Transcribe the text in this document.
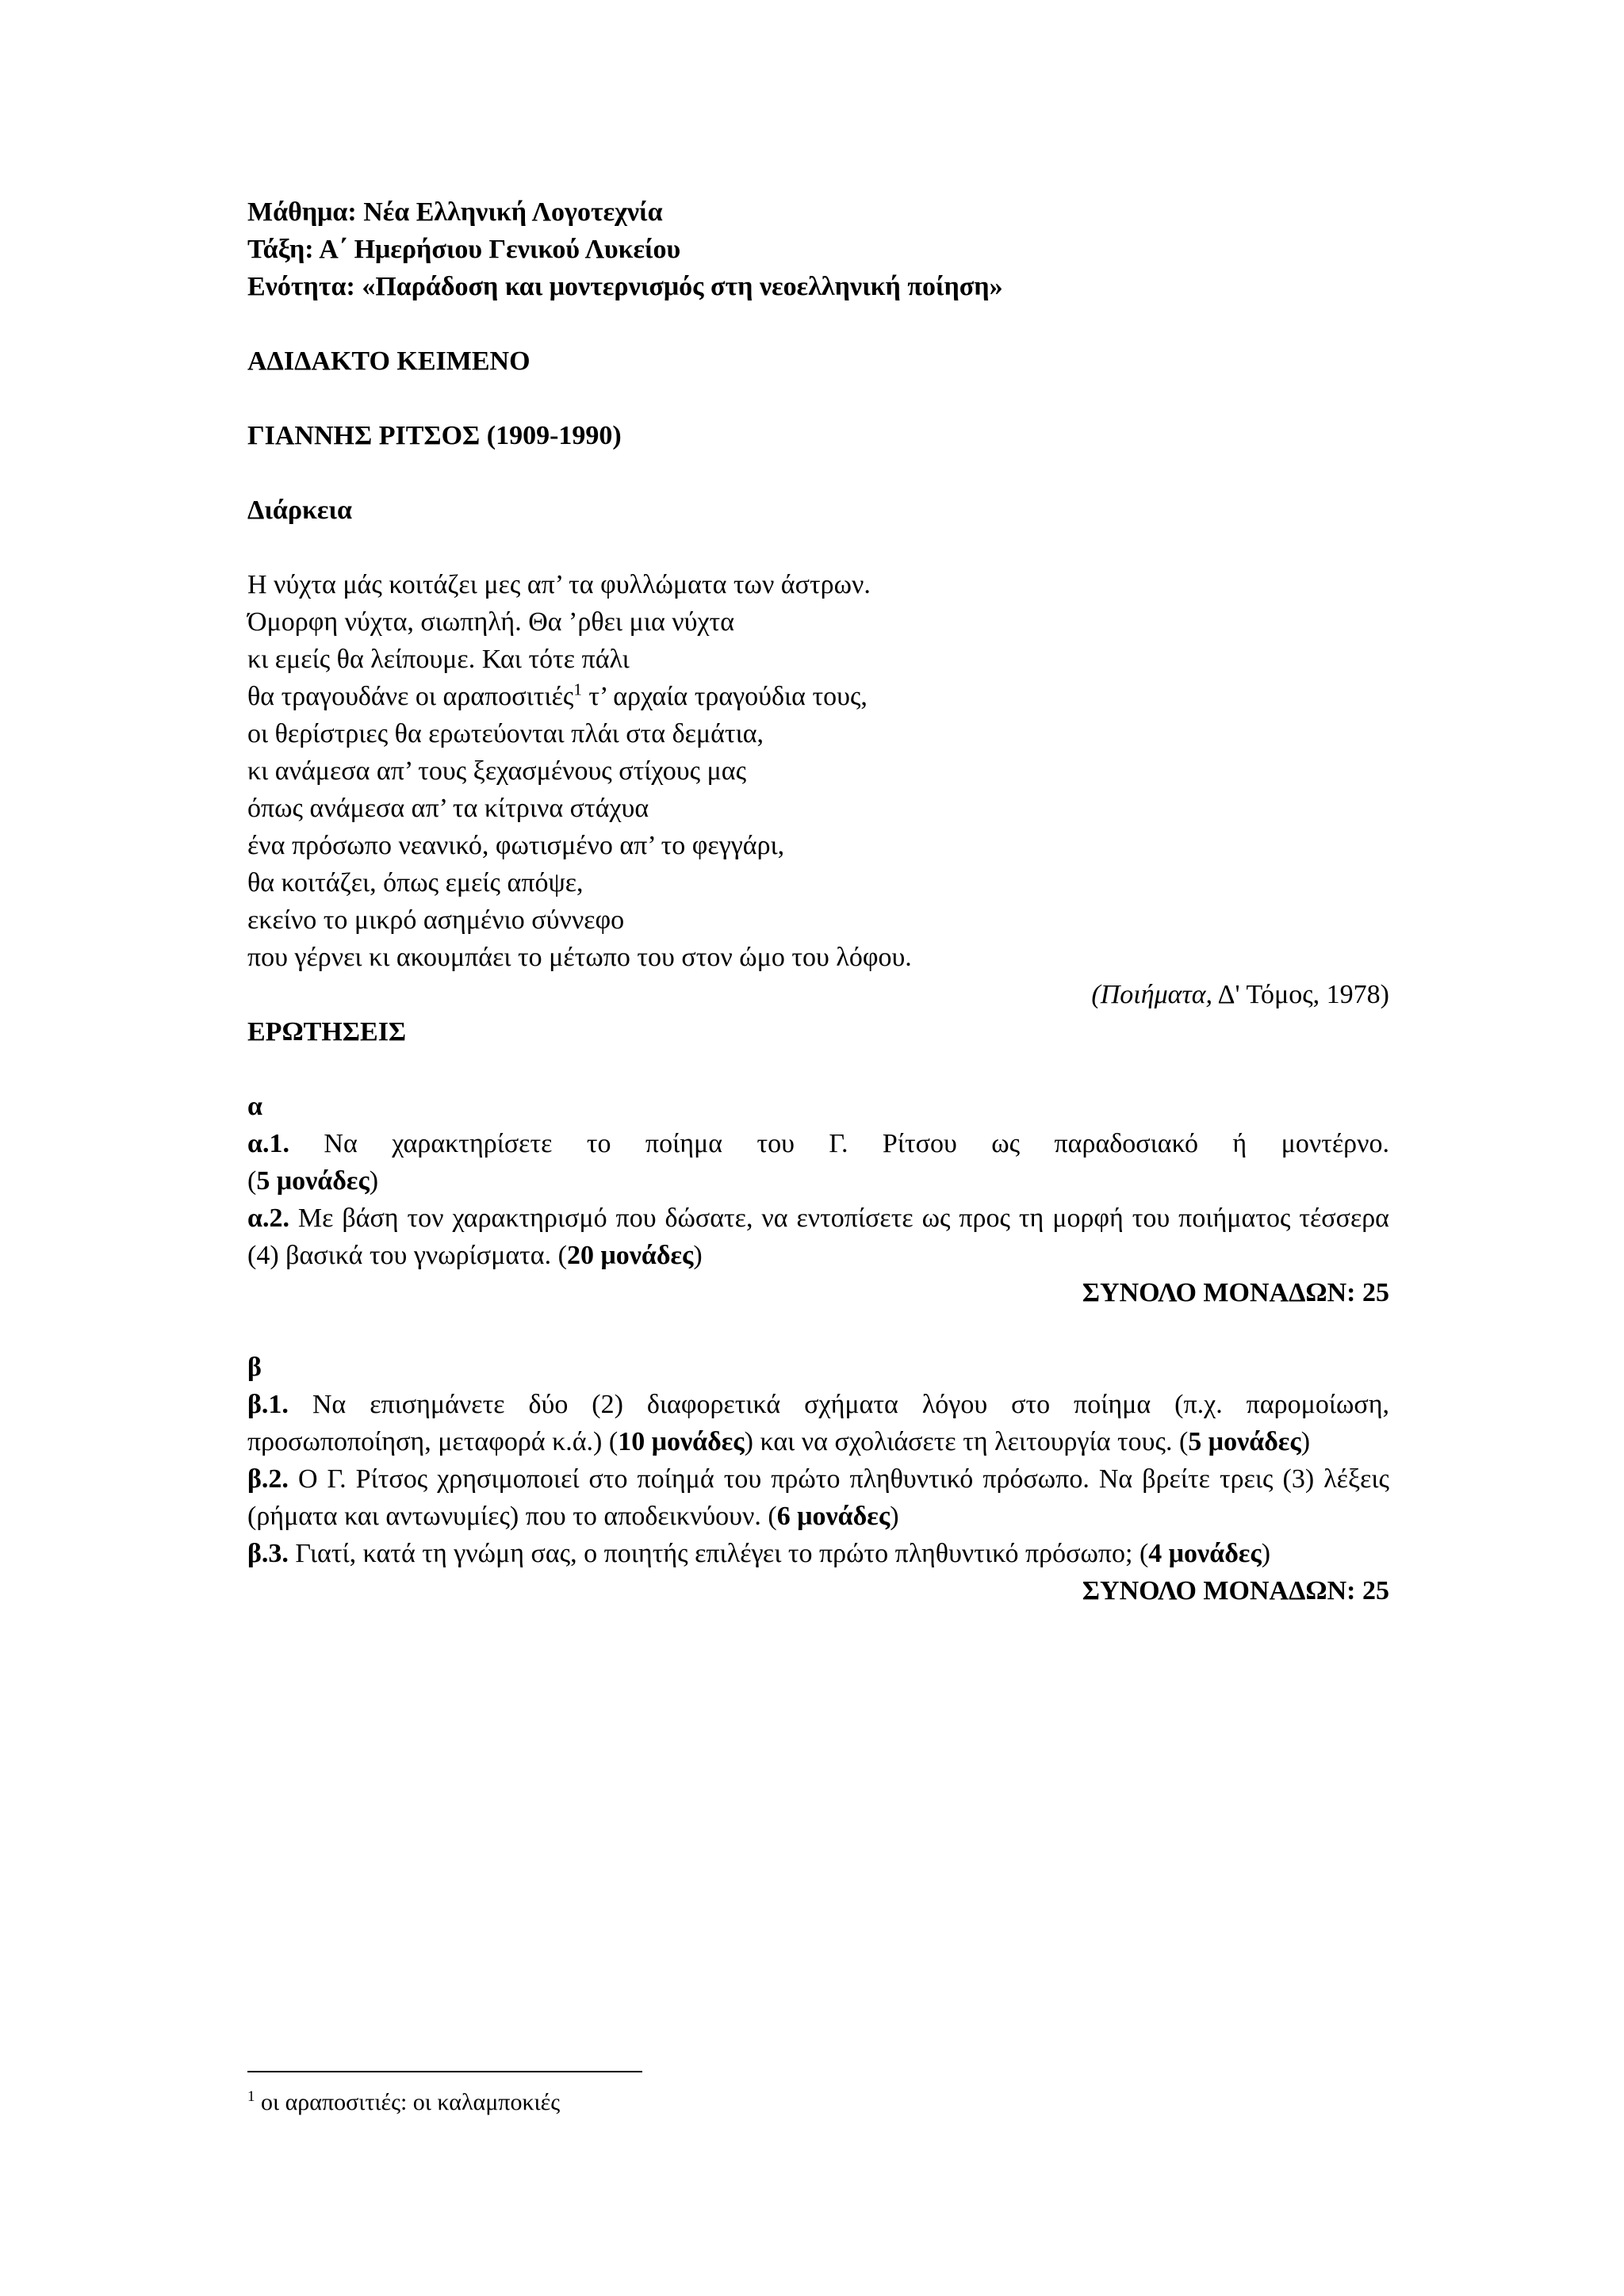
Μάθημα: Νέα Ελληνική Λογοτεχνία
Τάξη: Α΄ Ημερήσιου Γενικού Λυκείου
Ενότητα: «Παράδοση και μοντερνισμός στη νεοελληνική ποίηση»
ΑΔΙΔΑΚΤΟ ΚΕΙΜΕΝΟ
ΓΙΑΝΝΗΣ ΡΙΤΣΟΣ (1909-1990)
Διάρκεια
Η νύχτα μάς κοιτάζει μες απ’ τα φυλλώματα των άστρων.
Όμορφη νύχτα, σιωπηλή. Θα ’ρθει μια νύχτα
κι εμείς θα λείπουμε. Και τότε πάλι
θα τραγουδάνε οι αραποσιτιές$^1$ τ’ αρχαία τραγούδια τους,
οι θερίστριες θα ερωτεύονται πλάι στα δεμάτια,
κι ανάμεσα απ’ τους ξεχασμένους στίχους μας
όπως ανάμεσα απ’ τα κίτρινα στάχυα
ένα πρόσωπο νεανικό, φωτισμένο απ’ το φεγγάρι,
θα κοιτάζει, όπως εμείς απόψε,
εκείνο το μικρό ασημένιο σύννεφο
που γέρνει κι ακουμπάει το μέτωπο του στον ώμο του λόφου.
(Ποιήματα, Δ' Τόμος, 1978)
ΕΡΩΤΗΣΕΙΣ
α
α.1. Να χαρακτηρίσετε το ποίημα του Γ. Ρίτσου ως παραδοσιακό ή μοντέρνο.
(5 μονάδες)
α.2. Με βάση τον χαρακτηρισμό που δώσατε, να εντοπίσετε ως προς τη μορφή του ποιήματος τέσσερα (4) βασικά του γνωρίσματα. (20 μονάδες)
ΣΥΝΟΛΟ ΜΟΝΑΔΩΝ: 25
β
β.1. Να επισημάνετε δύο (2) διαφορετικά σχήματα λόγου στο ποίημα (π.χ. παρομοίωση, προσωποποίηση, μεταφορά κ.ά.) (10 μονάδες) και να σχολιάσετε τη λειτουργία τους. (5 μονάδες)
β.2. Ο Γ. Ρίτσος χρησιμοποιεί στο ποίημά του πρώτο πληθυντικό πρόσωπο. Να βρείτε τρεις (3) λέξεις (ρήματα και αντωνυμίες) που το αποδεικνύουν. (6 μονάδες)
β.3. Γιατί, κατά τη γνώμη σας, ο ποιητής επιλέγει το πρώτο πληθυντικό πρόσωπο; (4 μονάδες)
ΣΥΝΟΛΟ ΜΟΝΑΔΩΝ: 25
$^1$ οι αραποσιτιές: οι καλαμποκιές
